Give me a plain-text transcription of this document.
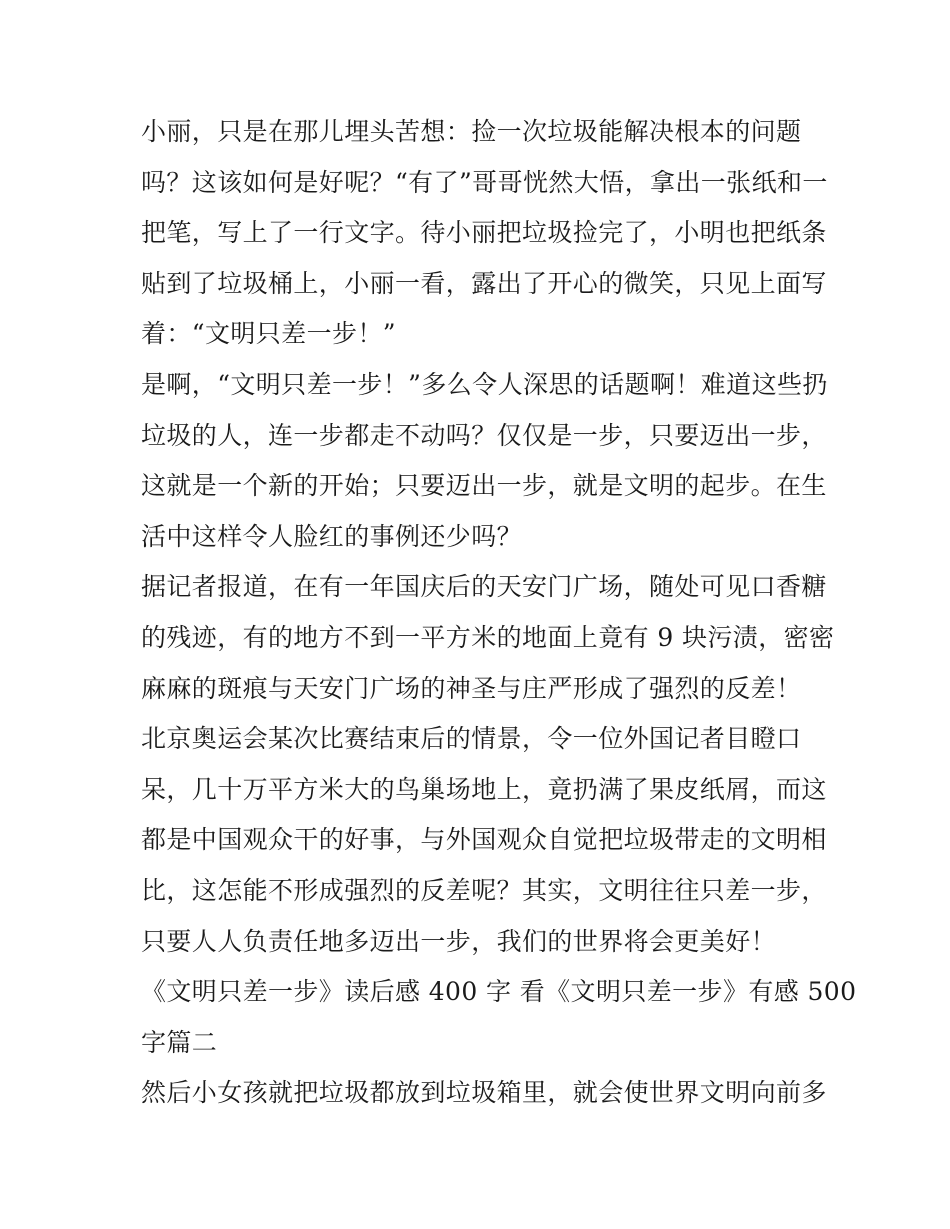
小丽，只是在那儿埋头苦想：捡一次垃圾能解决根本的问题
吗？这该如何是好呢？“有了”哥哥恍然大悟，拿出一张纸和一
把笔，写上了一行文字。待小丽把垃圾捡完了，小明也把纸条
贴到了垃圾桶上，小丽一看，露出了开心的微笑，只见上面写
着：“文明只差一步！”
是啊，“文明只差一步！”多么令人深思的话题啊！难道这些扔
垃圾的人，连一步都走不动吗？仅仅是一步，只要迈出一步，
这就是一个新的开始；只要迈出一步，就是文明的起步。在生
活中这样令人脸红的事例还少吗？
据记者报道，在有一年国庆后的天安门广场，随处可见口香糖
的残迹，有的地方不到一平方米的地面上竟有 9 块污渍，密密
麻麻的斑痕与天安门广场的神圣与庄严形成了强烈的反差！
北京奥运会某次比赛结束后的情景，令一位外国记者目瞪口
呆，几十万平方米大的鸟巢场地上，竟扔满了果皮纸屑，而这
都是中国观众干的好事，与外国观众自觉把垃圾带走的文明相
比，这怎能不形成强烈的反差呢？其实，文明往往只差一步，
只要人人负责任地多迈出一步，我们的世界将会更美好！
《文明只差一步》读后感 400 字 看《文明只差一步》有感 500
字篇二
然后小女孩就把垃圾都放到垃圾箱里，就会使世界文明向前多
